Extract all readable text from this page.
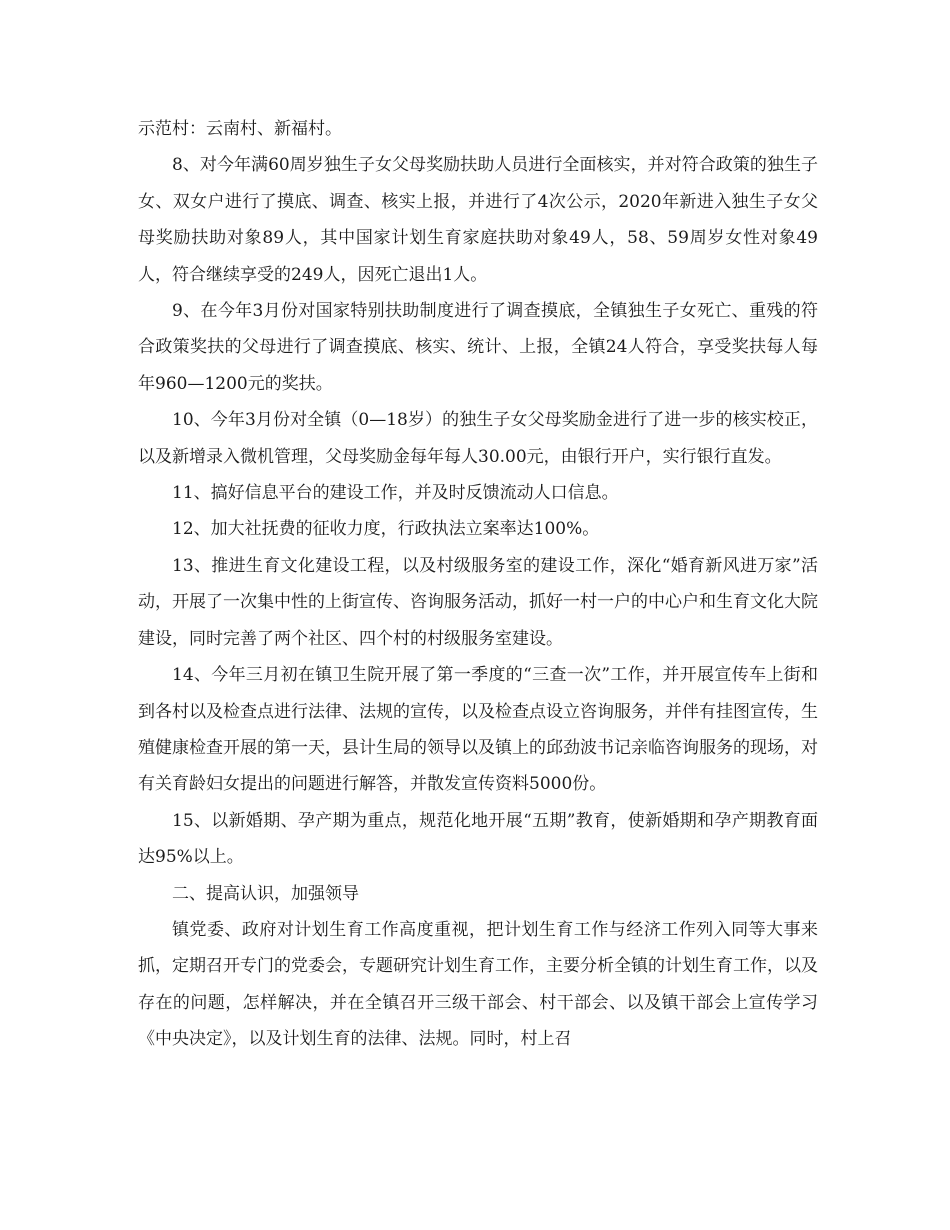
示范村：云南村、新福村。

8、对今年满60周岁独生子女父母奖励扶助人员进行全面核实，并对符合政策的独生子女、双女户进行了摸底、调查、核实上报，并进行了4次公示，2020年新进入独生子女父母奖励扶助对象89人，其中国家计划生育家庭扶助对象49人，58、59周岁女性对象49人，符合继续享受的249人，因死亡退出1人。

9、在今年3月份对国家特别扶助制度进行了调查摸底，全镇独生子女死亡、重残的符合政策奖扶的父母进行了调查摸底、核实、统计、上报，全镇24人符合，享受奖扶每人每年960—1200元的奖扶。

10、今年3月份对全镇（0—18岁）的独生子女父母奖励金进行了进一步的核实校正，以及新增录入微机管理，父母奖励金每年每人30.00元，由银行开户，实行银行直发。

11、搞好信息平台的建设工作，并及时反馈流动人口信息。

12、加大社抚费的征收力度，行政执法立案率达100%。

13、推进生育文化建设工程，以及村级服务室的建设工作，深化“婚育新风进万家”活动，开展了一次集中性的上街宣传、咨询服务活动，抓好一村一户的中心户和生育文化大院建设，同时完善了两个社区、四个村的村级服务室建设。

14、今年三月初在镇卫生院开展了第一季度的“三查一次”工作，并开展宣传车上街和到各村以及检查点进行法律、法规的宣传，以及检查点设立咨询服务，并伴有挂图宣传，生殖健康检查开展的第一天，县计生局的领导以及镇上的邱劲波书记亲临咨询服务的现场，对有关育龄妇女提出的问题进行解答，并散发宣传资料5000份。

15、以新婚期、孕产期为重点，规范化地开展“五期”教育，使新婚期和孕产期教育面达95%以上。

二、提高认识，加强领导

镇党委、政府对计划生育工作高度重视，把计划生育工作与经济工作列入同等大事来抓，定期召开专门的党委会，专题研究计划生育工作，主要分析全镇的计划生育工作，以及存在的问题，怎样解决，并在全镇召开三级干部会、村干部会、以及镇干部会上宣传学习《中央决定》，以及计划生育的法律、法规。同时，村上召
